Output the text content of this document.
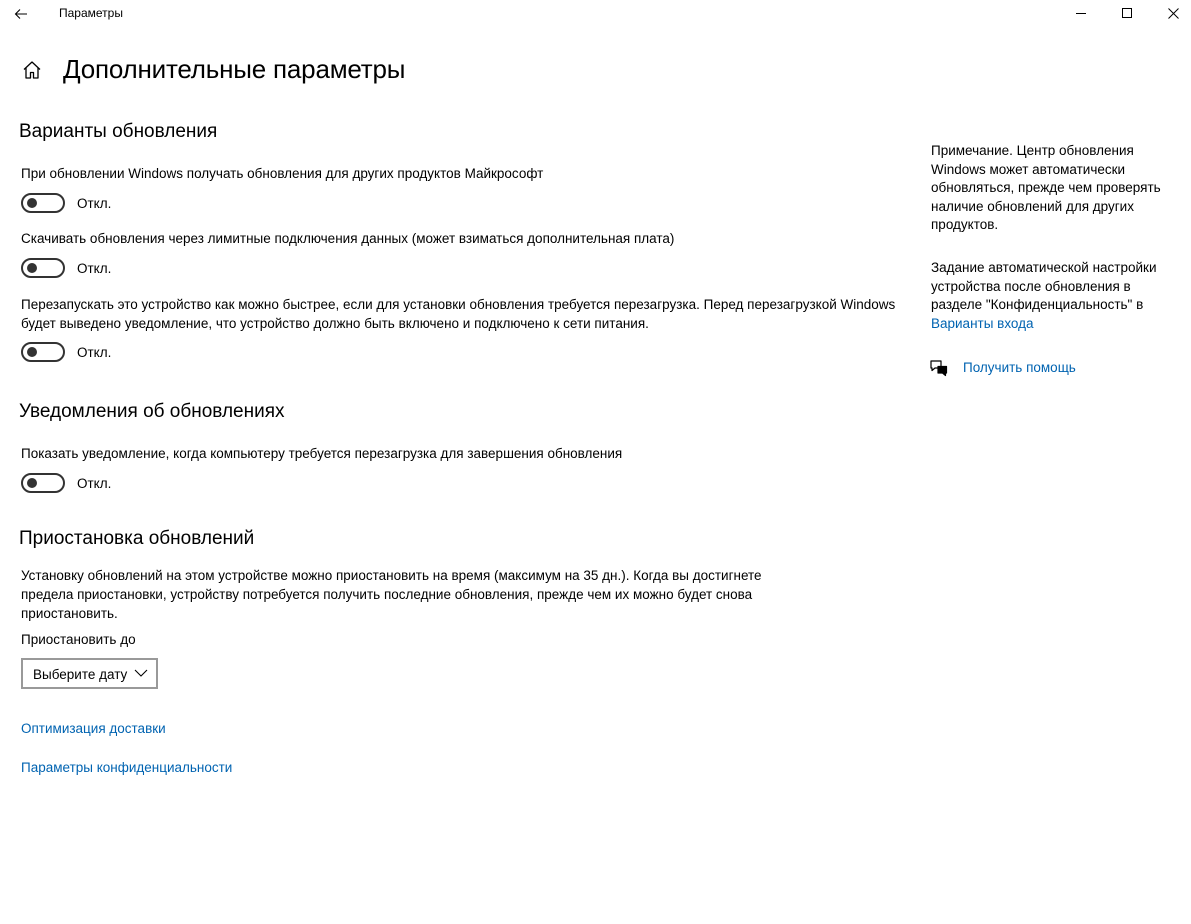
Параметры
Дополнительные параметры
Варианты обновления
При обновлении Windows получать обновления для других продуктов Майкрософт
Откл.
Скачивать обновления через лимитные подключения данных (может взиматься дополнительная плата)
Откл.
Перезапускать это устройство как можно быстрее, если для установки обновления требуется перезагрузка. Перед перезагрузкой Windows будет выведено уведомление, что устройство должно быть включено и подключено к сети питания.
Откл.
Уведомления об обновлениях
Показать уведомление, когда компьютеру требуется перезагрузка для завершения обновления
Откл.
Приостановка обновлений
Установку обновлений на этом устройстве можно приостановить на время (максимум на 35 дн.). Когда вы достигнете предела приостановки, устройству потребуется получить последние обновления, прежде чем их можно будет снова приостановить.
Приостановить до
Выберите дату
Оптимизация доставки
Параметры конфиденциальности
Примечание. Центр обновления Windows может автоматически обновляться, прежде чем проверять наличие обновлений для других продуктов.
Задание автоматической настройки устройства после обновления в разделе "Конфиденциальность" в
Варианты входа
Получить помощь
